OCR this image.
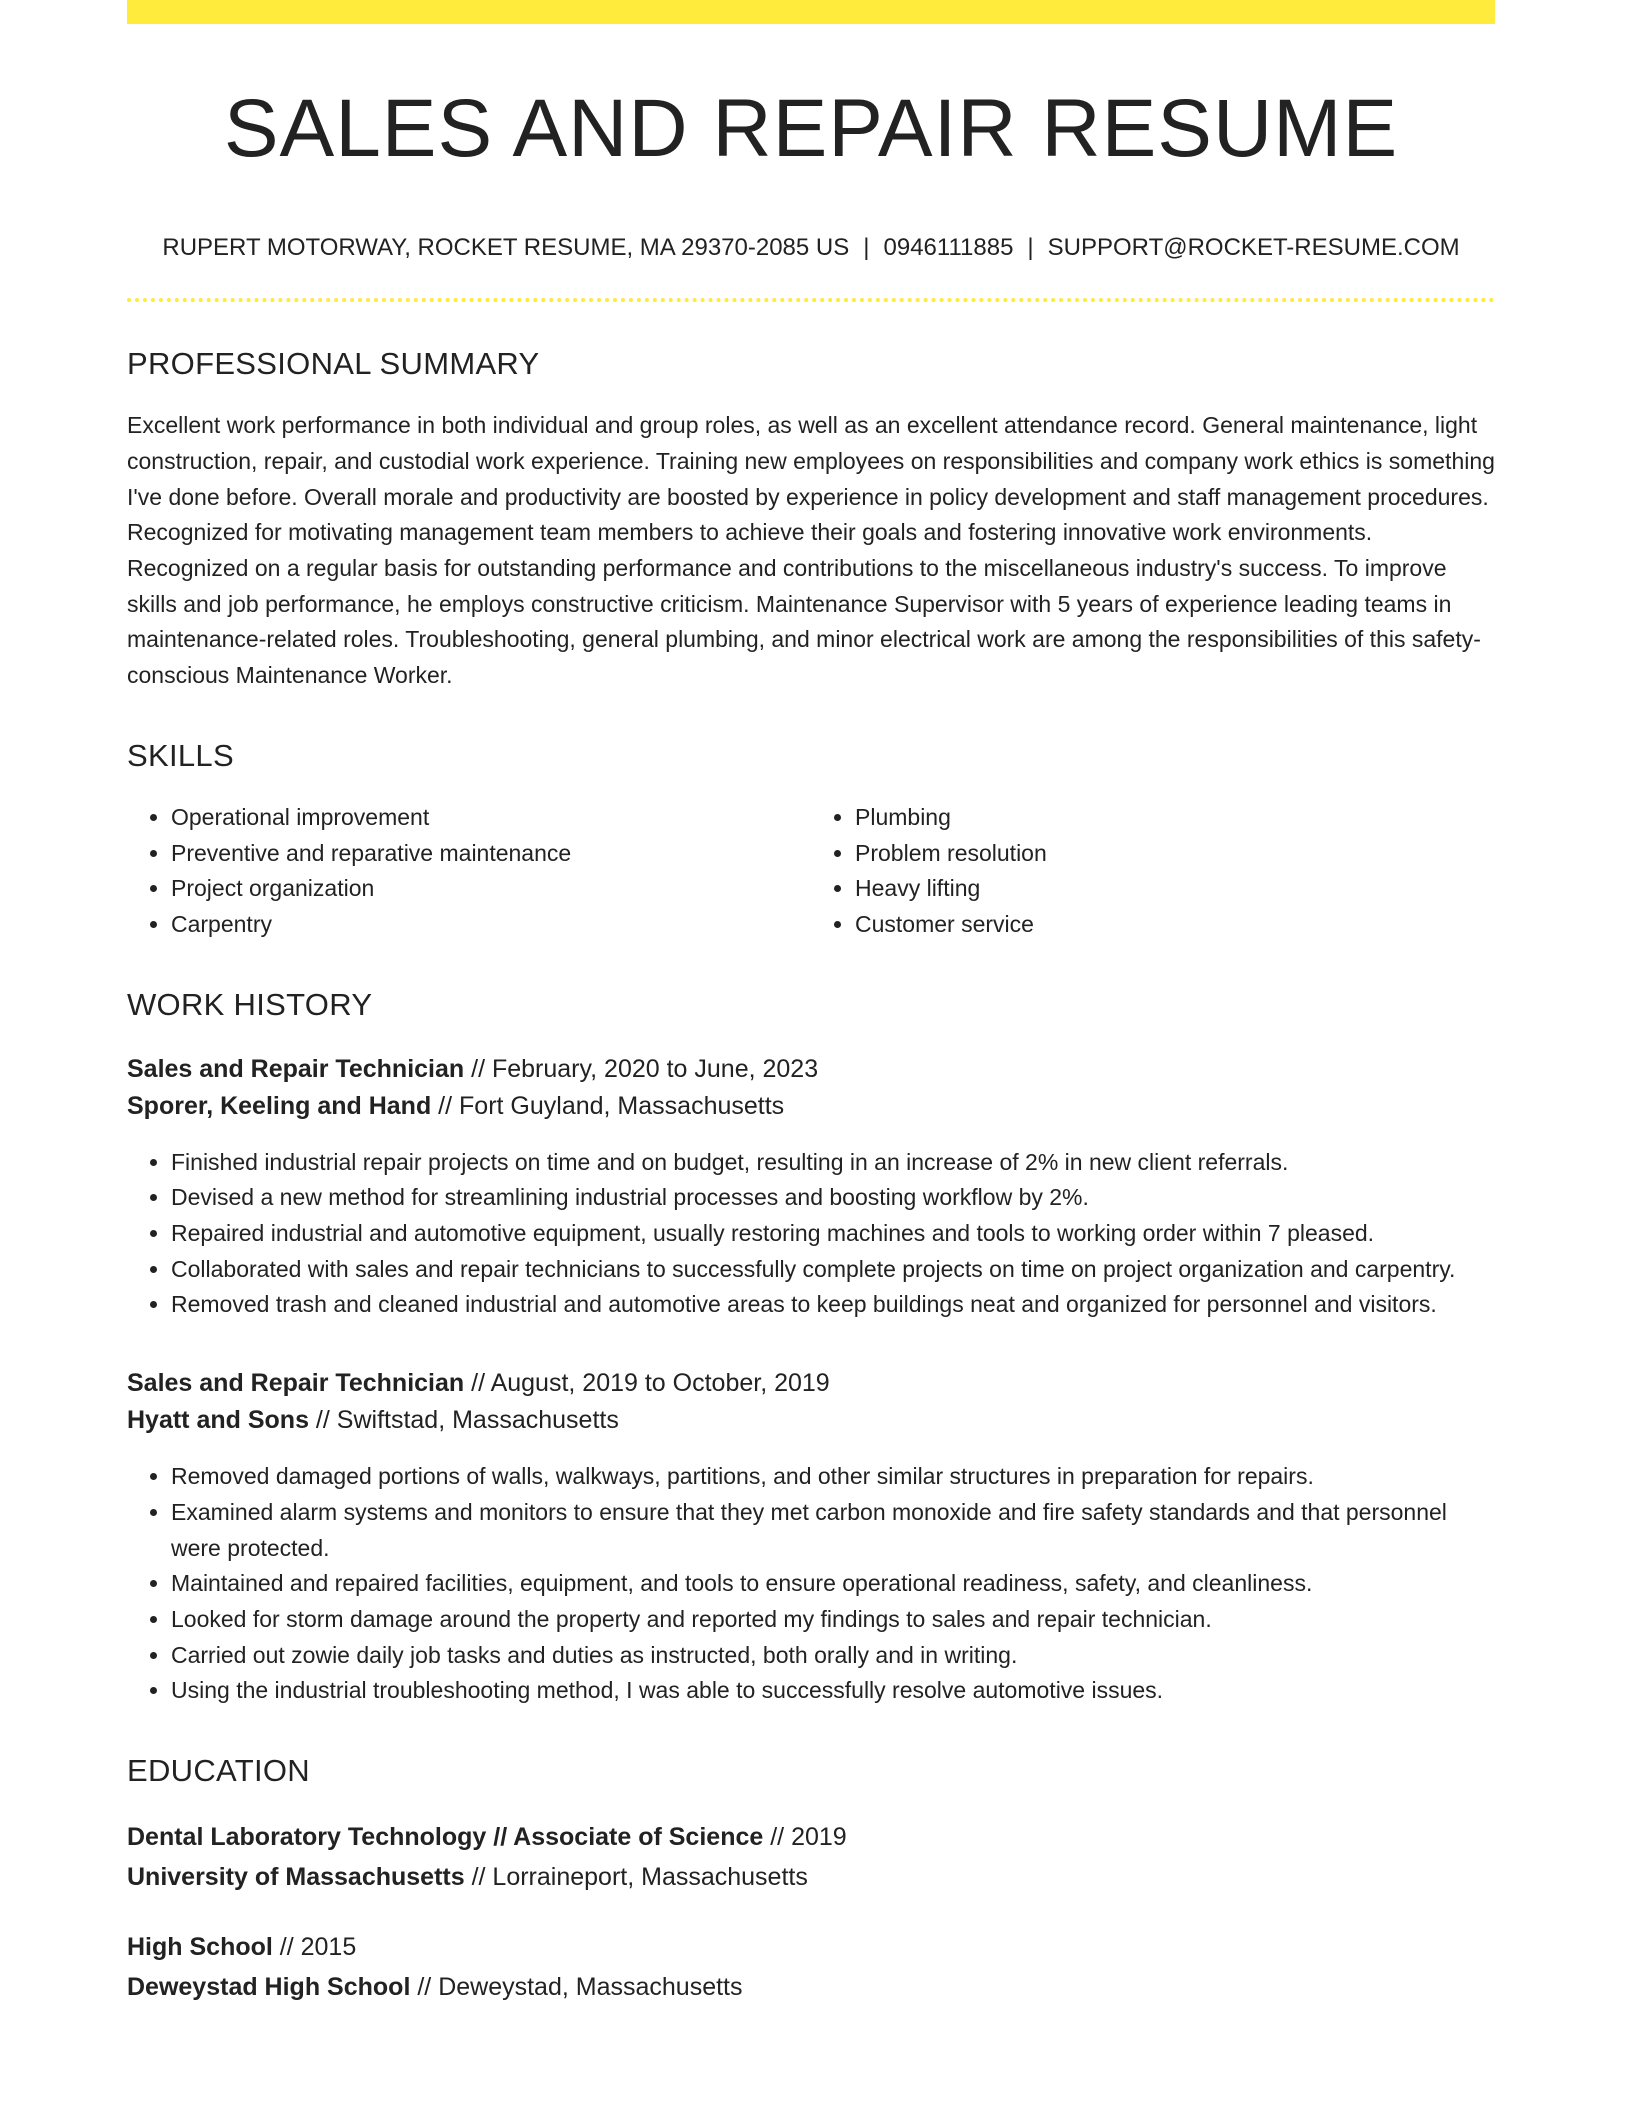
SALES AND REPAIR RESUME
RUPERT MOTORWAY, ROCKET RESUME, MA 29370-2085 US | 0946111885 | SUPPORT@ROCKET-RESUME.COM
PROFESSIONAL SUMMARY
Excellent work performance in both individual and group roles, as well as an excellent attendance record. General maintenance, light construction, repair, and custodial work experience. Training new employees on responsibilities and company work ethics is something I've done before. Overall morale and productivity are boosted by experience in policy development and staff management procedures. Recognized for motivating management team members to achieve their goals and fostering innovative work environments. Recognized on a regular basis for outstanding performance and contributions to the miscellaneous industry's success. To improve skills and job performance, he employs constructive criticism. Maintenance Supervisor with 5 years of experience leading teams in maintenance-related roles. Troubleshooting, general plumbing, and minor electrical work are among the responsibilities of this safety-conscious Maintenance Worker.
SKILLS
• Operational improvement
• Preventive and reparative maintenance
• Project organization
• Carpentry
• Plumbing
• Problem resolution
• Heavy lifting
• Customer service
WORK HISTORY
Sales and Repair Technician // February, 2020 to June, 2023
Sporer, Keeling and Hand // Fort Guyland, Massachusetts
• Finished industrial repair projects on time and on budget, resulting in an increase of 2% in new client referrals.
• Devised a new method for streamlining industrial processes and boosting workflow by 2%.
• Repaired industrial and automotive equipment, usually restoring machines and tools to working order within 7 pleased.
• Collaborated with sales and repair technicians to successfully complete projects on time on project organization and carpentry.
• Removed trash and cleaned industrial and automotive areas to keep buildings neat and organized for personnel and visitors.
Sales and Repair Technician // August, 2019 to October, 2019
Hyatt and Sons // Swiftstad, Massachusetts
• Removed damaged portions of walls, walkways, partitions, and other similar structures in preparation for repairs.
• Examined alarm systems and monitors to ensure that they met carbon monoxide and fire safety standards and that personnel were protected.
• Maintained and repaired facilities, equipment, and tools to ensure operational readiness, safety, and cleanliness.
• Looked for storm damage around the property and reported my findings to sales and repair technician.
• Carried out zowie daily job tasks and duties as instructed, both orally and in writing.
• Using the industrial troubleshooting method, I was able to successfully resolve automotive issues.
EDUCATION
Dental Laboratory Technology // Associate of Science // 2019
University of Massachusetts // Lorraineport, Massachusetts
High School // 2015
Deweystad High School // Deweystad, Massachusetts
